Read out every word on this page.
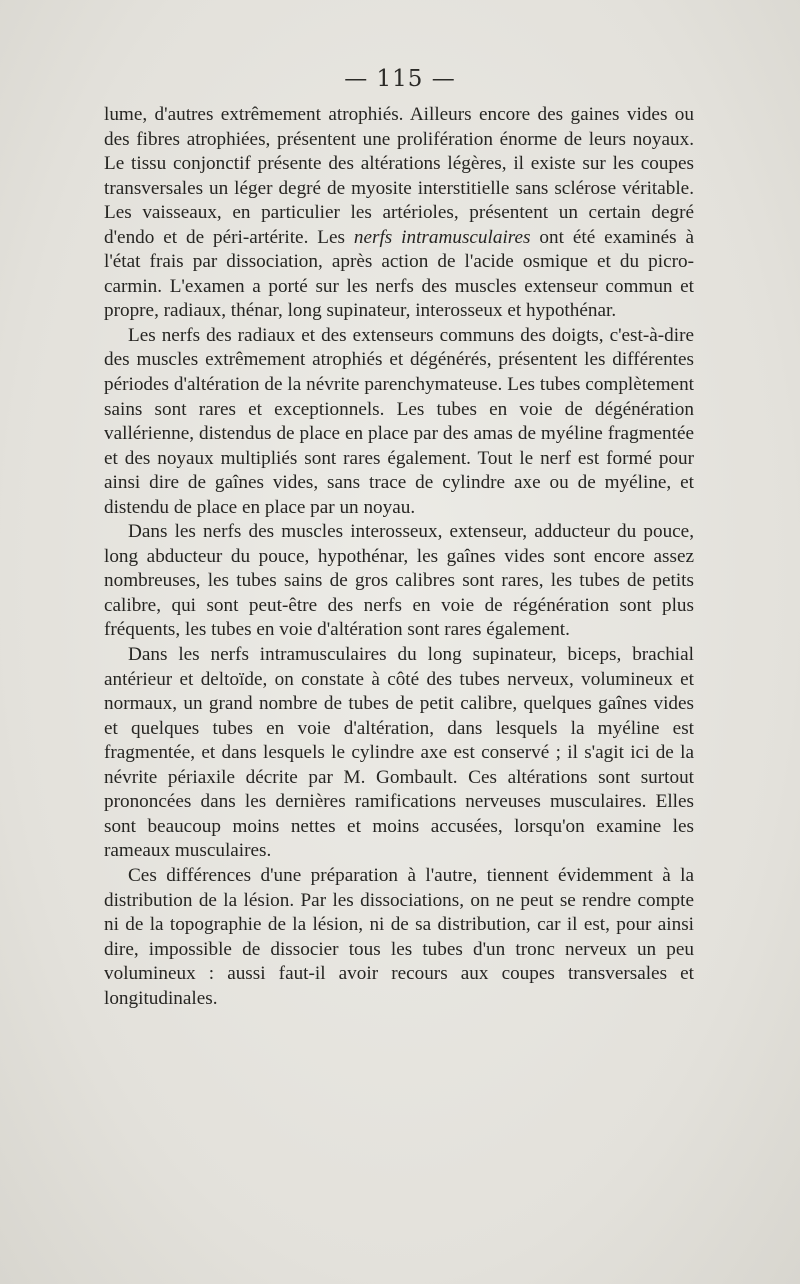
— 115 —

lume, d'autres extrêmement atrophiés. Ailleurs encore des gaines vides ou des fibres atrophiées, présentent une prolifération énorme de leurs noyaux. Le tissu conjonctif présente des altérations légères, il existe sur les coupes transversales un léger degré de myosite interstitielle sans sclérose véritable. Les vaisseaux, en particulier les artérioles, présentent un certain degré d'endo et de péri-artérite. Les nerfs intramusculaires ont été examinés à l'état frais par dissociation, après action de l'acide osmique et du picro-carmin. L'examen a porté sur les nerfs des muscles extenseur commun et propre, radiaux, thénar, long supinateur, interosseux et hypothénar.

Les nerfs des radiaux et des extenseurs communs des doigts, c'est-à-dire des muscles extrêmement atrophiés et dégénérés, présentent les différentes périodes d'altération de la névrite parenchymateuse. Les tubes complètement sains sont rares et exceptionnels. Les tubes en voie de dégénération vallérienne, distendus de place en place par des amas de myéline fragmentée et des noyaux multipliés sont rares également. Tout le nerf est formé pour ainsi dire de gaînes vides, sans trace de cylindre axe ou de myéline, et distendu de place en place par un noyau.

Dans les nerfs des muscles interosseux, extenseur, adducteur du pouce, long abducteur du pouce, hypothénar, les gaînes vides sont encore assez nombreuses, les tubes sains de gros calibres sont rares, les tubes de petits calibre, qui sont peut-être des nerfs en voie de régénération sont plus fréquents, les tubes en voie d'altération sont rares également.

Dans les nerfs intramusculaires du long supinateur, biceps, brachial antérieur et deltoïde, on constate à côté des tubes nerveux, volumineux et normaux, un grand nombre de tubes de petit calibre, quelques gaînes vides et quelques tubes en voie d'altération, dans lesquels la myéline est fragmentée, et dans lesquels le cylindre axe est conservé ; il s'agit ici de la névrite périaxile décrite par M. Gombault. Ces altérations sont surtout prononcées dans les dernières ramifications nerveuses musculaires. Elles sont beaucoup moins nettes et moins accusées, lorsqu'on examine les rameaux musculaires.

Ces différences d'une préparation à l'autre, tiennent évidemment à la distribution de la lésion. Par les dissociations, on ne peut se rendre compte ni de la topographie de la lésion, ni de sa distribution, car il est, pour ainsi dire, impossible de dissocier tous les tubes d'un tronc nerveux un peu volumineux : aussi faut-il avoir recours aux coupes transversales et longitudinales.
